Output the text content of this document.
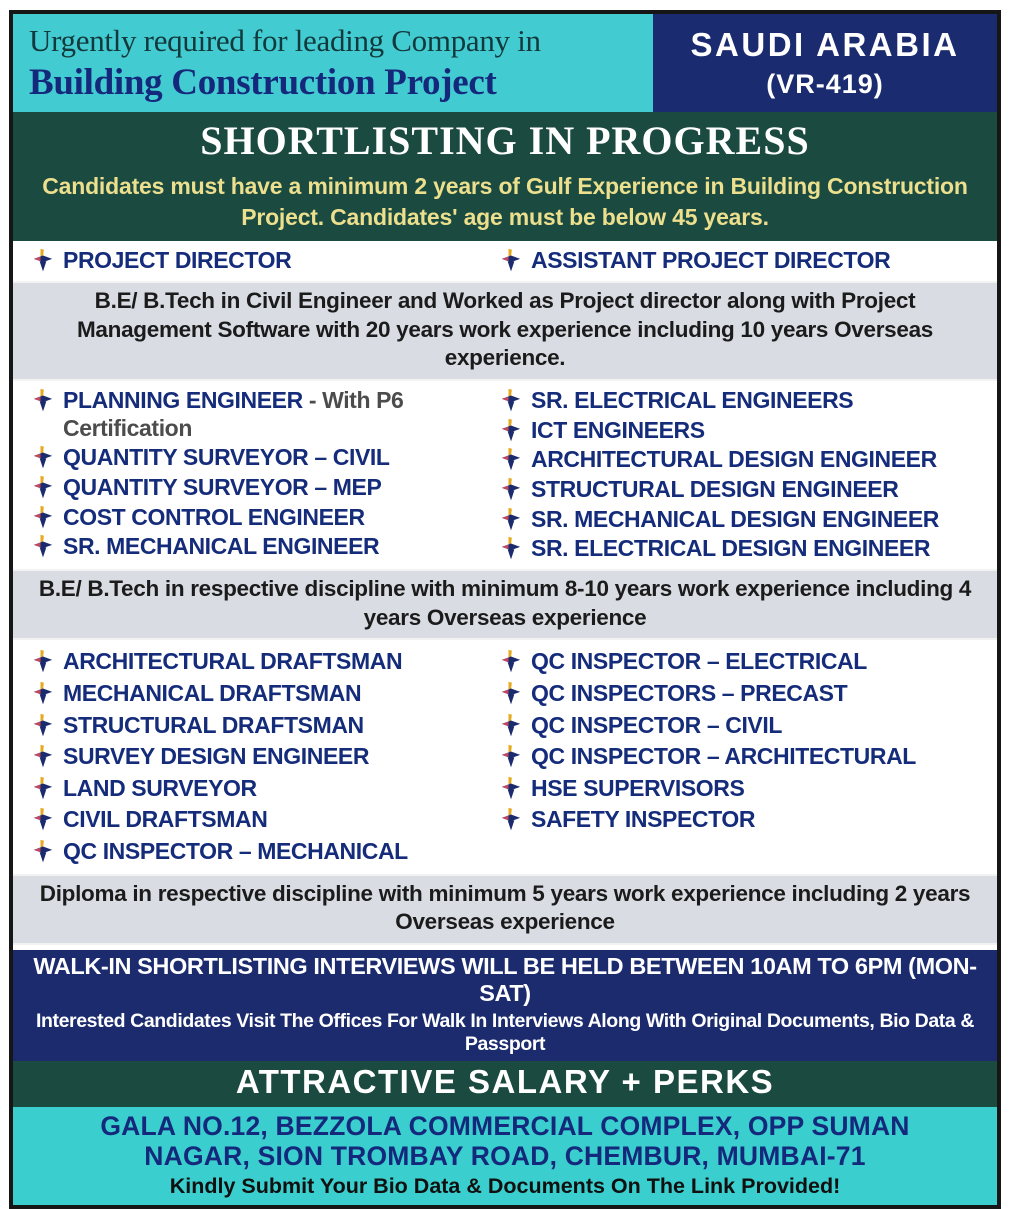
Urgently required for leading Company in
Building Construction Project
SAUDI ARABIA
(VR-419)
SHORTLISTING IN PROGRESS
Candidates must have a minimum 2 years of Gulf Experience in Building Construction Project. Candidates' age must be below 45 years.
PROJECT DIRECTOR	ASSISTANT PROJECT DIRECTOR
B.E/ B.Tech in Civil Engineer and Worked as Project director along with Project Management Software with 20 years work experience including 10 years Overseas experience.
PLANNING ENGINEER - With P6 Certification
QUANTITY SURVEYOR – CIVIL
QUANTITY SURVEYOR – MEP
COST CONTROL ENGINEER
SR. MECHANICAL ENGINEER
SR. ELECTRICAL ENGINEERS
ICT ENGINEERS
ARCHITECTURAL DESIGN ENGINEER
STRUCTURAL DESIGN ENGINEER
SR. MECHANICAL DESIGN ENGINEER
SR. ELECTRICAL DESIGN ENGINEER
B.E/ B.Tech in respective discipline with minimum 8-10 years work experience including 4 years Overseas experience
ARCHITECTURAL DRAFTSMAN
MECHANICAL DRAFTSMAN
STRUCTURAL DRAFTSMAN
SURVEY DESIGN ENGINEER
LAND SURVEYOR
CIVIL DRAFTSMAN
QC INSPECTOR – MECHANICAL
QC INSPECTOR – ELECTRICAL
QC INSPECTORS – PRECAST
QC INSPECTOR – CIVIL
QC INSPECTOR – ARCHITECTURAL
HSE SUPERVISORS
SAFETY INSPECTOR
Diploma in respective discipline with minimum 5 years work experience including 2 years Overseas experience
WALK-IN SHORTLISTING INTERVIEWS WILL BE HELD BETWEEN 10AM TO 6PM (MON-SAT)
Interested Candidates Visit The Offices For Walk In Interviews Along With Original Documents, Bio Data & Passport
ATTRACTIVE SALARY + PERKS
GALA NO.12, BEZZOLA COMMERCIAL COMPLEX, OPP SUMAN NAGAR, SION TROMBAY ROAD, CHEMBUR, MUMBAI-71
Kindly Submit Your Bio Data & Documents On The Link Provided!
